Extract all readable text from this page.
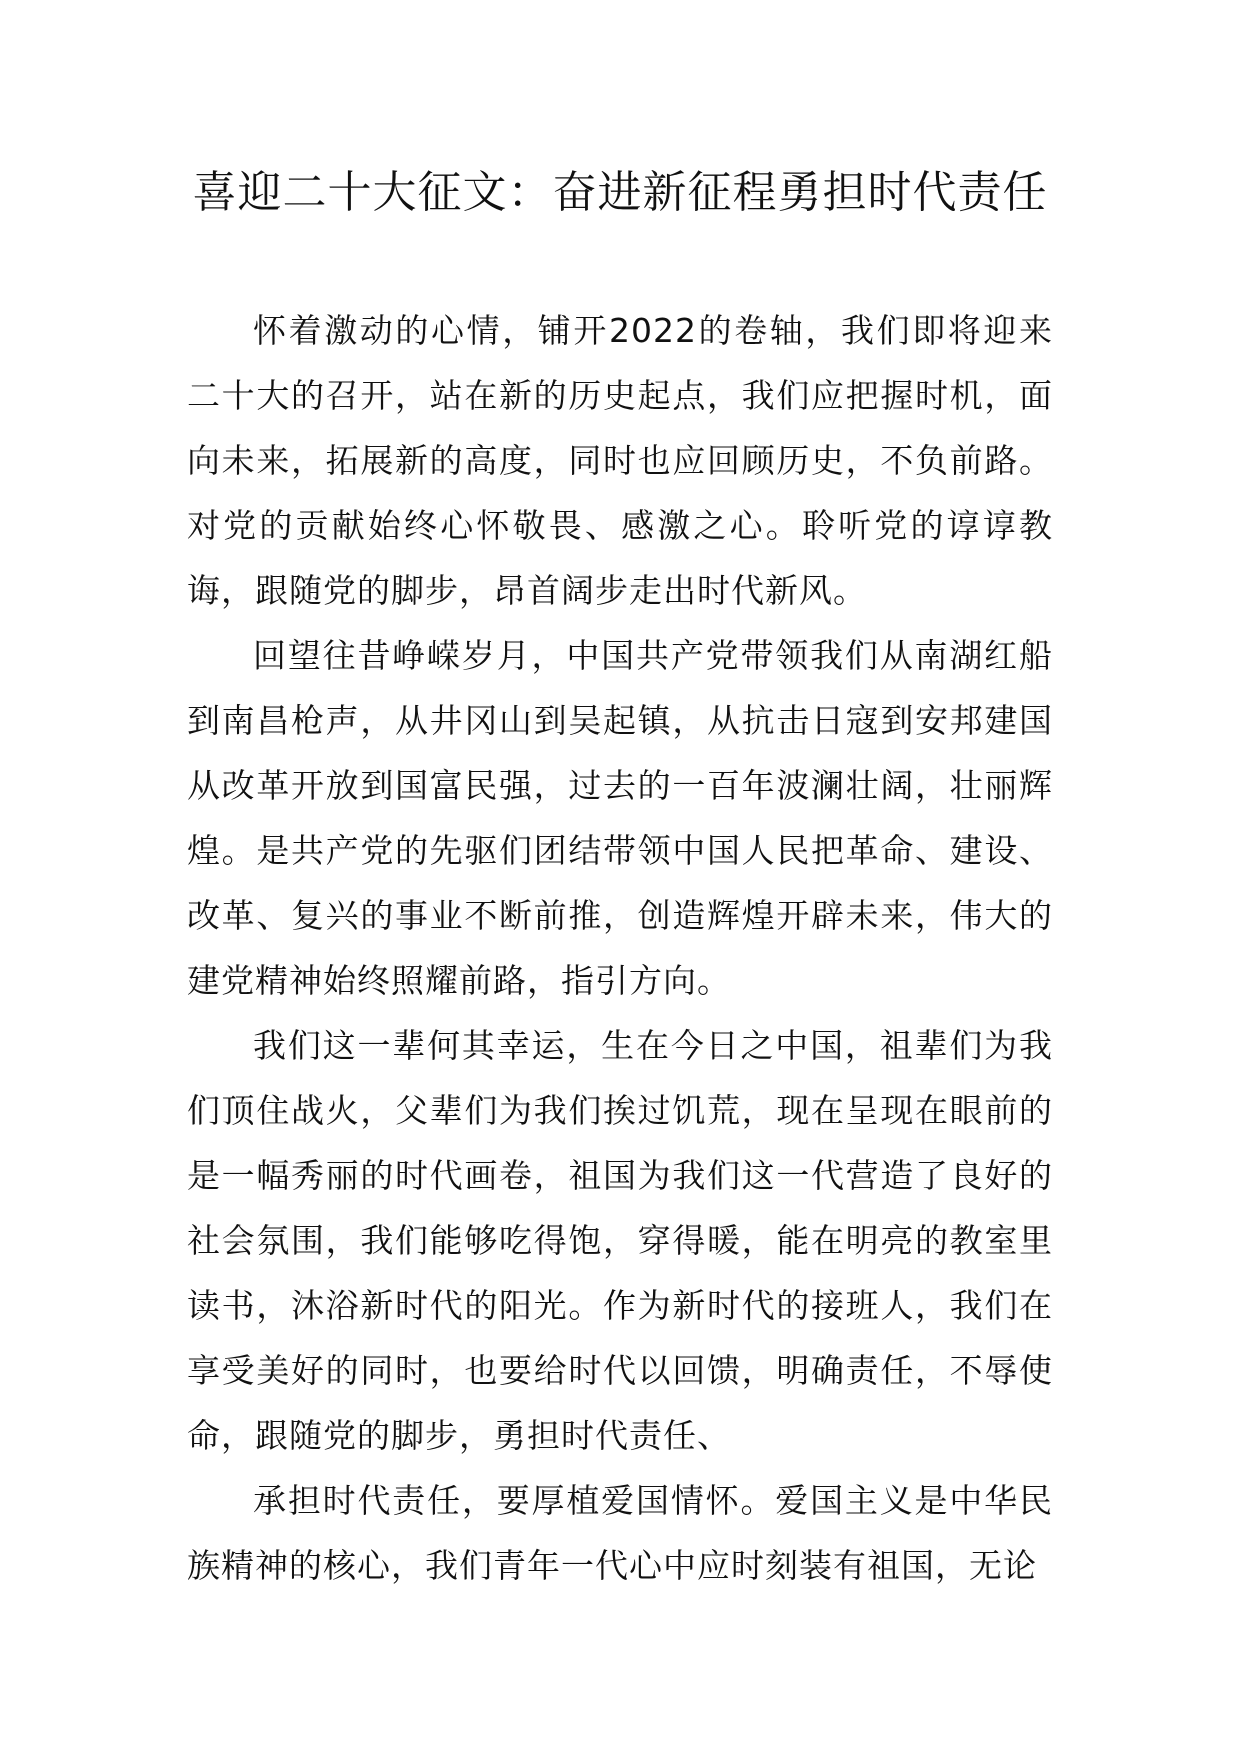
喜迎二十大征文：奋进新征程勇担时代责任

怀着激动的心情，铺开2022的卷轴，我们即将迎来二十大的召开，站在新的历史起点，我们应把握时机，面向未来，拓展新的高度，同时也应回顾历史，不负前路。对党的贡献始终心怀敬畏、感激之心。聆听党的谆谆教诲，跟随党的脚步，昂首阔步走出时代新风。

回望往昔峥嵘岁月，中国共产党带领我们从南湖红船到南昌枪声，从井冈山到吴起镇，从抗击日寇到安邦建国从改革开放到国富民强，过去的一百年波澜壮阔，壮丽辉煌。是共产党的先驱们团结带领中国人民把革命、建设、改革、复兴的事业不断前推，创造辉煌开辟未来，伟大的建党精神始终照耀前路，指引方向。

我们这一辈何其幸运，生在今日之中国，祖辈们为我们顶住战火，父辈们为我们挨过饥荒，现在呈现在眼前的是一幅秀丽的时代画卷，祖国为我们这一代营造了良好的社会氛围，我们能够吃得饱，穿得暖，能在明亮的教室里读书，沐浴新时代的阳光。作为新时代的接班人，我们在享受美好的同时，也要给时代以回馈，明确责任，不辱使命，跟随党的脚步，勇担时代责任、

承担时代责任，要厚植爱国情怀。爱国主义是中华民族精神的核心，我们青年一代心中应时刻装有祖国，无论
